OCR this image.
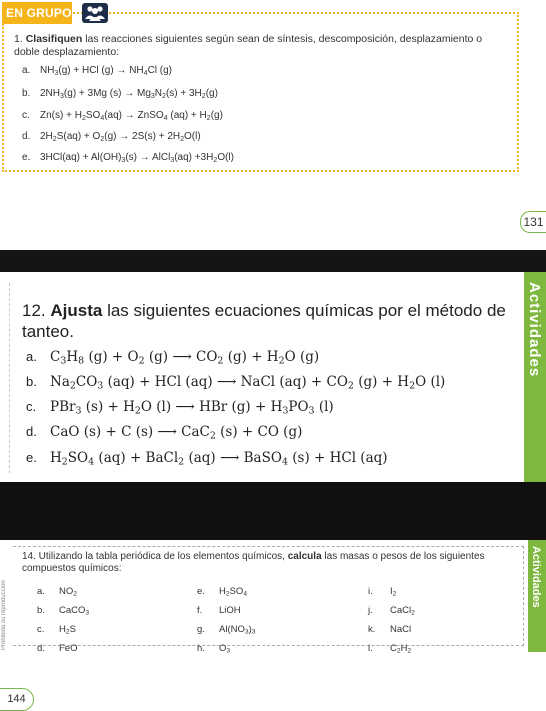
EN GRUPO
1. Clasifiquen las reacciones siguientes según sean de síntesis, descomposición, desplazamiento o doble desplazamiento:
a. $NH_3(g)$ + HCl $(g) \to NH_4Cl$ (g)
b. $2NH_3(g) + 3Mg$ $(s) \to Mg_3N_2(s) + 3H_2(g)$
c. $Zn(s) + H_2SO_4(aq)$ → ZnSO$_4$ $(aq) + H_2(g)$
d. $2H_2S(aq) + O_2(g) \to 2S(s) + 2H_2O(l)$
e. $3HCl(aq) + Al(OH)_3(s)$ → AlCl$_3$(aq) $+3H_2O(l)$
131
Actividades
12. Ajusta las siguientes ecuaciones químicas por el método de tanteo.
a. $C_3H_8$ $(g) + O_2$ (g) ⟶ $CO_2$ $(g) + H_2O$ (g)
b. $Na_2CO_3$ (aq) + HCl (aq) ⟶ NaCl $(aq) + CO_2$ $(g) + H_2O$ (l)
c. PBr$_3$ $(s) + H_2O$ (l) ⟶ HBr $(g) + H_3PO_3$ (l)
d. CaO (s) + C (s) ⟶ CaC$_2$ (s) + CO (g)
e. $H_2SO_4$ (aq) + BaCl$_2$ (aq) ⟶ BaSO$_4$ (s) + HCl (aq)
Actividades
Prohibida su reproducción
14. Utilizando la tabla periódica de los elementos químicos, calcula las masas o pesos de los siguientes compuestos químicos:
a. $NO_2$
b. CaCO$_3$
c. $H_2S$
d. FeO
e. $H_2SO_4$
f. LiOH
g. $Al(NO_3)_3$
h. $O_3$
i. $I_2$
j. CaCl$_2$
k. NaCl
l. $C_2H_2$
144
